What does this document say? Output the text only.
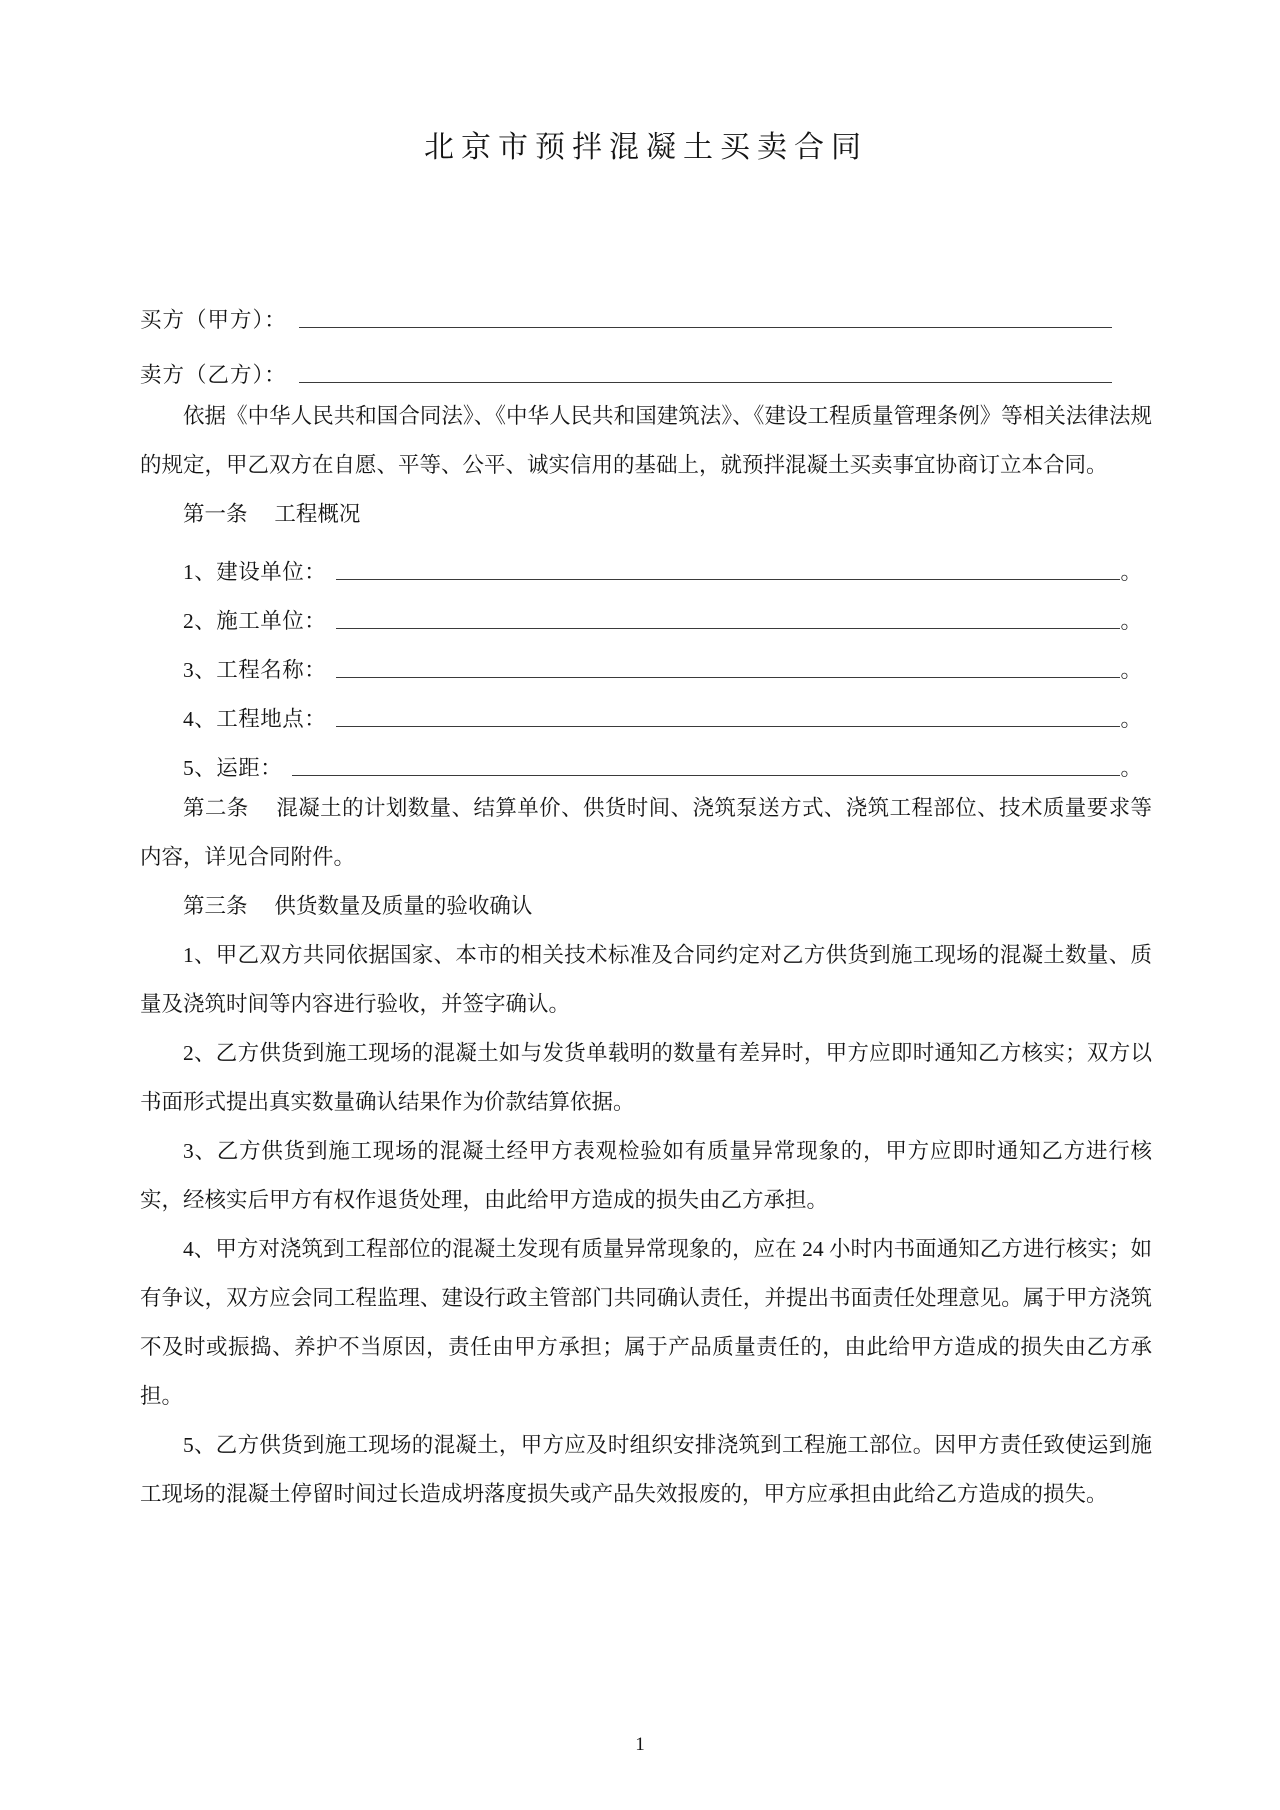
北京市预拌混凝土买卖合同
买方（甲方）：
卖方（乙方）：

依据《中华人民共和国合同法》、《中华人民共和国建筑法》、《建设工程质量管理条例》等相关法律法规的规定，甲乙双方在自愿、平等、公平、诚实信用的基础上，就预拌混凝土买卖事宜协商订立本合同。

第一条　 工程概况

1、建设单位：	。
2、施工单位：	。
3、工程名称：	。
4、工程地点：	。
5、运距：	。

第二条　 混凝土的计划数量、结算单价、供货时间、浇筑泵送方式、浇筑工程部位、技术质量要求等内容，详见合同附件。

第三条　 供货数量及质量的验收确认

1、甲乙双方共同依据国家、本市的相关技术标准及合同约定对乙方供货到施工现场的混凝土数量、质量及浇筑时间等内容进行验收，并签字确认。

2、乙方供货到施工现场的混凝土如与发货单载明的数量有差异时，甲方应即时通知乙方核实；双方以书面形式提出真实数量确认结果作为价款结算依据。

3、乙方供货到施工现场的混凝土经甲方表观检验如有质量异常现象的，甲方应即时通知乙方进行核实，经核实后甲方有权作退货处理，由此给甲方造成的损失由乙方承担。

4、甲方对浇筑到工程部位的混凝土发现有质量异常现象的，应在 24 小时内书面通知乙方进行核实；如有争议，双方应会同工程监理、建设行政主管部门共同确认责任，并提出书面责任处理意见。属于甲方浇筑不及时或振捣、养护不当原因，责任由甲方承担；属于产品质量责任的，由此给甲方造成的损失由乙方承担。

5、乙方供货到施工现场的混凝土，甲方应及时组织安排浇筑到工程施工部位。因甲方责任致使运到施工现场的混凝土停留时间过长造成坍落度损失或产品失效报废的，甲方应承担由此给乙方造成的损失。

1
